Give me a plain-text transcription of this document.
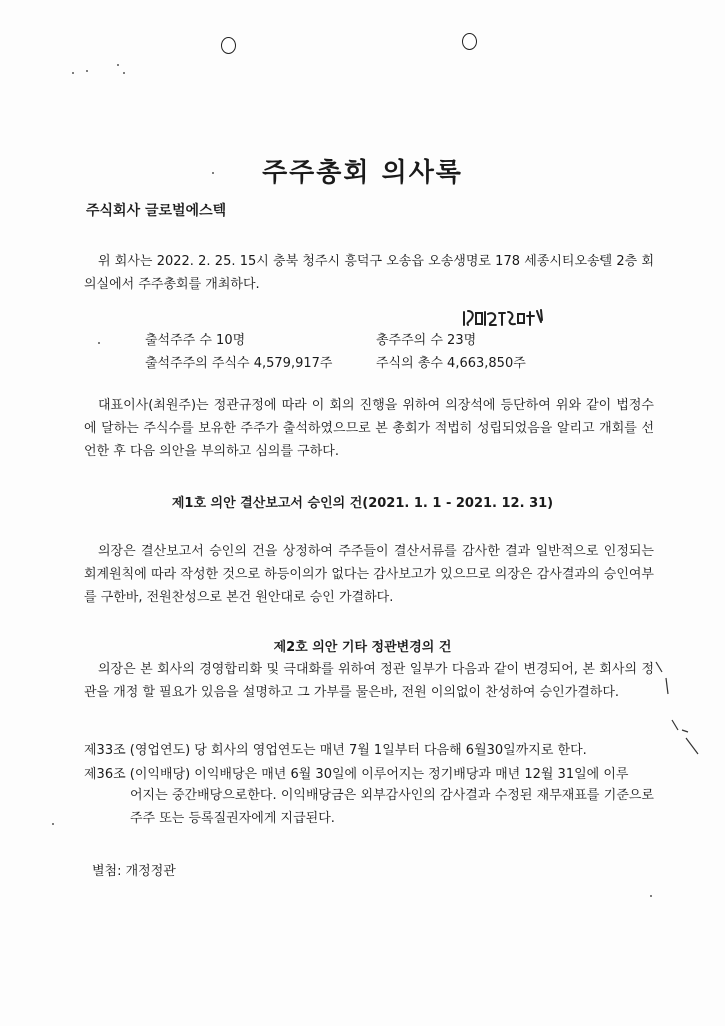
주주총회 의사록
주식회사 글로벌에스텍
위 회사는 2022. 2. 25. 15시 충북 청주시 흥덕구 오송읍 오송생명로 178 세종시티오송텔 2층 회의실에서 주주총회를 개최하다.
출석주주 수 10명	총주주의 수 23명
출석주주의 주식수 4,579,917주	주식의 총수 4,663,850주
대표이사(최원주)는 정관규정에 따라 이 회의 진행을 위하여 의장석에 등단하여 위와 같이 법정수에 달하는 주식수를 보유한 주주가 출석하였으므로 본 총회가 적법히 성립되었음을 알리고 개회를 선언한 후 다음 의안을 부의하고 심의를 구하다.
제1호 의안 결산보고서 승인의 건(2021. 1. 1 - 2021. 12. 31)
의장은 결산보고서 승인의 건을 상정하여 주주들이 결산서류를 감사한 결과 일반적으로 인정되는 회계원칙에 따라 작성한 것으로 하등이의가 없다는 감사보고가 있으므로 의장은 감사결과의 승인여부를 구한바, 전원찬성으로 본건 원안대로 승인 가결하다.
제2호 의안 기타 정관변경의 건
의장은 본 회사의 경영합리화 및 극대화를 위하여 정관 일부가 다음과 같이 변경되어, 본 회사의 정관을 개정 할 필요가 있음을 설명하고 그 가부를 물은바, 전원 이의없이 찬성하여 승인가결하다.
제33조 (영업연도) 당 회사의 영업연도는 매년 7월 1일부터 다음해 6월30일까지로 한다.
제36조 (이익배당) 이익배당은 매년 6월 30일에 이루어지는 정기배당과 매년 12월 31일에 이루
어지는 중간배당으로한다. 이익배당금은 외부감사인의 감사결과 수정된 재무재표를 기준으로 주주 또는 등록질권자에게 지급된다.
별첨: 개정정관
